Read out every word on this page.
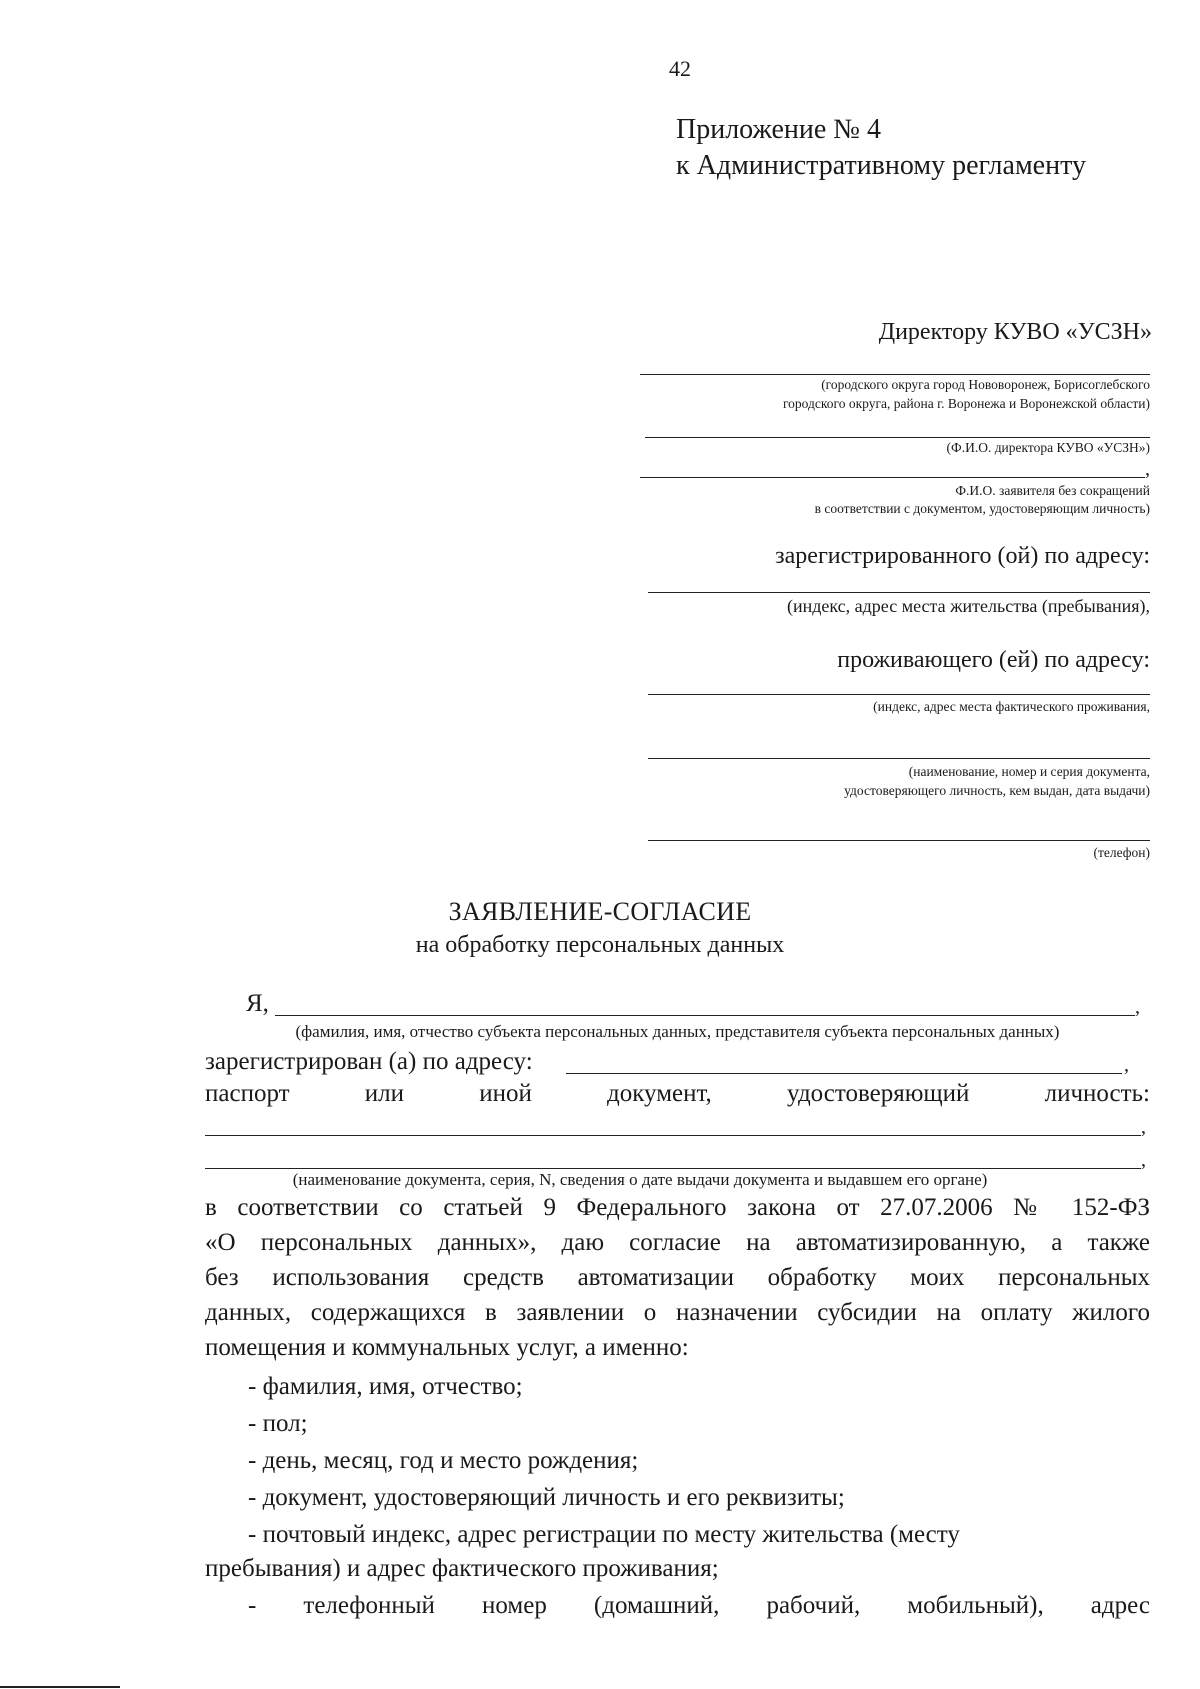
42
Приложение № 4
к Административному регламенту
Директору КУВО «УСЗН»
(городского округа город Нововоронеж, Борисоглебского
городского округа, района г. Воронежа и Воронежской области)
(Ф.И.О. директора КУВО «УСЗН»)
,
Ф.И.О. заявителя без сокращений
в соответствии с документом, удостоверяющим личность)
зарегистрированного (ой) по адресу:
(индекс, адрес места жительства (пребывания),
проживающего (ей) по адресу:
(индекс, адрес места фактического проживания,
(наименование, номер и серия документа,
удостоверяющего личность, кем выдан, дата выдачи)
(телефон)
ЗАЯВЛЕНИЕ-СОГЛАСИЕ
на обработку персональных данных
Я,	,
(фамилия, имя, отчество субъекта персональных данных, представителя субъекта персональных данных)
зарегистрирован (а) по адресу:	,
паспорт	или	иной	документ,	удостоверяющий	личность:
,
,
(наименование документа, серия, N, сведения о дате выдачи документа и выдавшем его органе)
в соответствии со статьей 9 Федерального закона от 27.07.2006 № 152-ФЗ
«О персональных данных», даю согласие на автоматизированную, а также
без использования средств автоматизации обработку моих персональных
данных, содержащихся в заявлении о назначении субсидии на оплату жилого
помещения и коммунальных услуг, а именно:
- фамилия, имя, отчество;
- пол;
- день, месяц, год и место рождения;
- документ, удостоверяющий личность и его реквизиты;
- почтовый индекс, адрес регистрации по месту жительства (месту
пребывания) и адрес фактического проживания;
- телефонный номер (домашний, рабочий, мобильный), адрес
